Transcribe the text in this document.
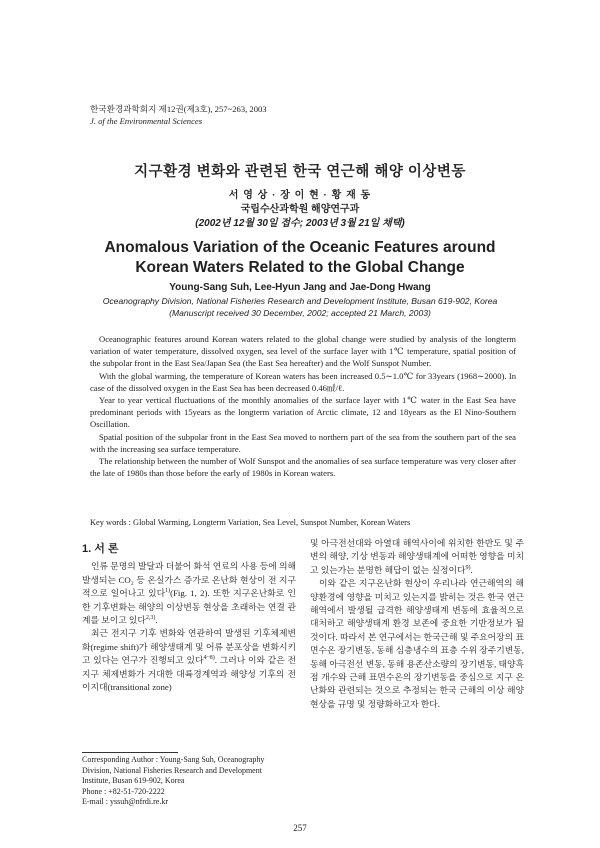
한국환경과학회지 제12권(제3호), 257~263, 2003
J. of the Environmental Sciences
지구환경 변화와 관련된 한국 연근해 해양 이상변동
서 영 상 · 장 이 현 · 황 재 동
국립수산과학원 해양연구과
(2002년 12월 30일 접수; 2003년 3월 21일 채택)
Anomalous Variation of the Oceanic Features around
Korean Waters Related to the Global Change
Young-Sang Suh, Lee-Hyun Jang and Jae-Dong Hwang
Oceanography Division, National Fisheries Research and Development Institute, Busan 619-902, Korea
(Manuscript received 30 December, 2002; accepted 21 March, 2003)

Oceanographic features around Korean waters related to the global change were studied by analysis of the longterm variation of water temperature, dissolved oxygen, sea level of the surface layer with 1℃ temperature, spatial position of the subpolar front in the East Sea/Japan Sea (the East Sea hereafter) and the Wolf Sunspot Number.

With the global warming, the temperature of Korean waters has been increased 0.5∼1.0℃ for 33years (1968∼2000). In case of the dissolved oxygen in the East Sea has been decreased 0.46㎖/ℓ.

Year to year vertical fluctuations of the monthly anomalies of the surface layer with 1℃ water in the East Sea have predominant periods with 15years as the longterm variation of Arctic climate, 12 and 18years as the El Nino-Southern Oscillation.

Spatial position of the subpolar front in the East Sea moved to northern part of the sea from the southern part of the sea with the increasing sea surface temperature.

The relationship between the number of Wolf Sunspot and the anomalies of sea surface temperature was very closer after the late of 1980s than those before the early of 1980s in Korean waters.

Key words : Global Warming, Longterm Variation, Sea Level, Sunspot Number, Korean Waters
1. 서 론

인류 문명의 발달과 더불어 화석 연료의 사용 등에 의해 발생되는 CO₂ 등 온실가스 증가로 온난화 현상이 전 지구적으로 일어나고 있다$^{1)}$(Fig. 1, 2). 또한 지구온난화로 인한 기후변화는 해양의 이상변동 현상을 초래하는 연결 관계를 보이고 있다$^{2,3)}$.

최근 전지구 기후 변화와 연관하여 발생된 기후체제변화(regime shift)가 해양생태계 및 어류 분포상을 변화시키고 있다는 연구가 진행되고 있다$^{4\sim 8)}$. 그러나 이와 같은 전지구 체제변화가 거대한 대륙경계역과 해양성 기후의 전이지대(transitional zone)

및 아극전선대와 아열대 해역사이에 위치한 한반도 및 주변의 해양, 기상 변동과 해양생태계에 어떠한 영향을 미치고 있는가는 분명한 해답이 없는 실정이다$^{9)}$.

이와 같은 지구온난화 현상이 우리나라 연근해역의 해양환경에 영향을 미치고 있는지를 밝히는 것은 한국 연근해역에서 발생될 급격한 해양생태계 변동에 효율적으로 대처하고 해양생태계 환경 보존에 중요한 기반정보가 될 것이다. 따라서 본 연구에서는 한국근해 및 주요어장의 표면수온 장기변동, 동해 심층냉수의 표층 수위 장주기변동, 동해 아극전선 변동, 동해 용존산소량의 장기변동, 태양흑점 개수와 근해 표면수온의 장기변동을 중심으로 지구 온난화와 관련되는 것으로 추정되는 한국 근해의 이상 해양현상을 규명 및 정량화하고자 한다.

Corresponding Author : Young-Sang Suh, Oceanography
Division, National Fisheries Research and Development
Institute, Busan 619-902, Korea
Phone : +82-51-720-2222
E-mail : yssuh@nfrdi.re.kr
257
